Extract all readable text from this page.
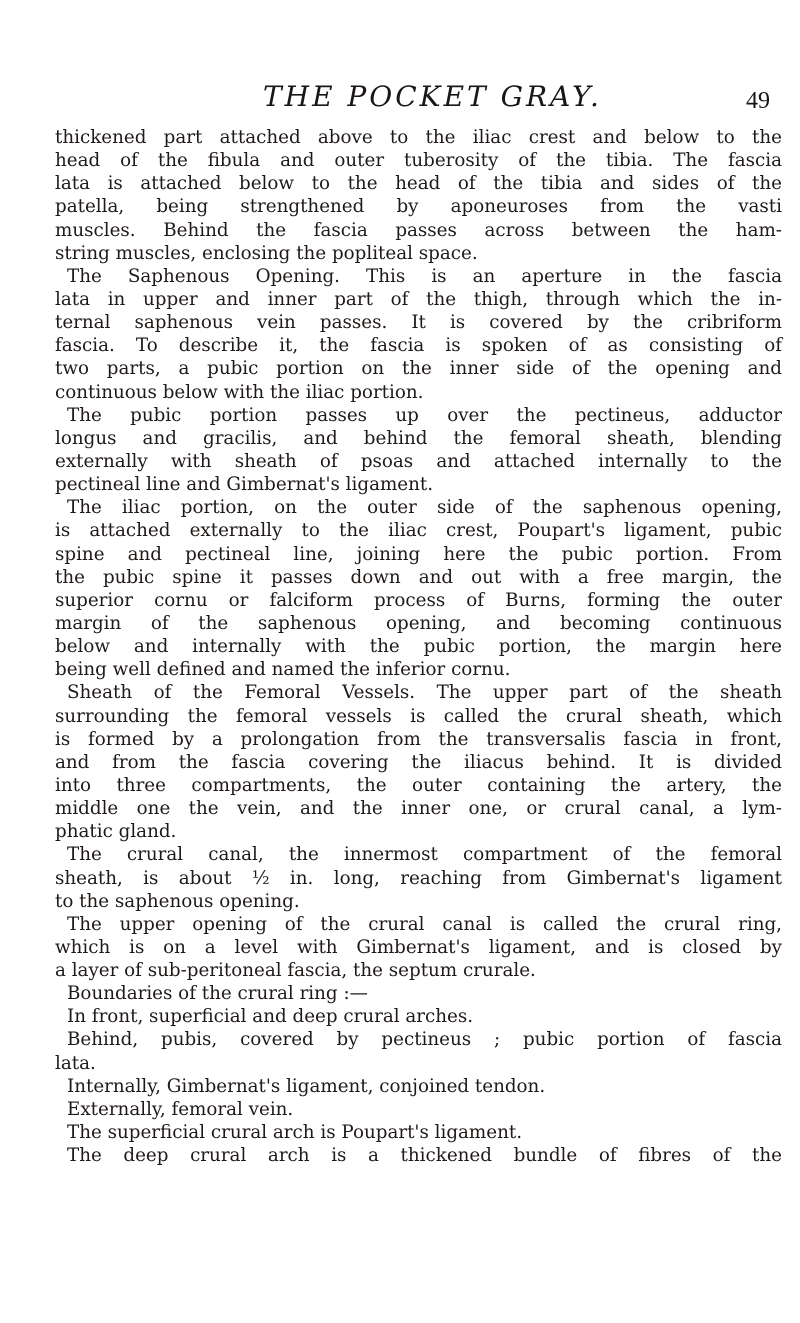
THE POCKET GRAY.	49
thickened part attached above to the iliac crest and below to the
head of the fibula and outer tuberosity of the tibia. The fascia
lata is attached below to the head of the tibia and sides of the
patella, being strengthened by aponeuroses from the vasti
muscles. Behind the fascia passes across between the ham-
string muscles, enclosing the popliteal space.
The Saphenous Opening. This is an aperture in the fascia
lata in upper and inner part of the thigh, through which the in-
ternal saphenous vein passes. It is covered by the cribriform
fascia. To describe it, the fascia is spoken of as consisting of
two parts, a pubic portion on the inner side of the opening and
continuous below with the iliac portion.
The pubic portion passes up over the pectineus, adductor
longus and gracilis, and behind the femoral sheath, blending
externally with sheath of psoas and attached internally to the
pectineal line and Gimbernat's ligament.
The iliac portion, on the outer side of the saphenous opening,
is attached externally to the iliac crest, Poupart's ligament, pubic
spine and pectineal line, joining here the pubic portion. From
the pubic spine it passes down and out with a free margin, the
superior cornu or falciform process of Burns, forming the outer
margin of the saphenous opening, and becoming continuous
below and internally with the pubic portion, the margin here
being well defined and named the inferior cornu.
Sheath of the Femoral Vessels. The upper part of the sheath
surrounding the femoral vessels is called the crural sheath, which
is formed by a prolongation from the transversalis fascia in front,
and from the fascia covering the iliacus behind. It is divided
into three compartments, the outer containing the artery, the
middle one the vein, and the inner one, or crural canal, a lym-
phatic gland.
The crural canal, the innermost compartment of the femoral
sheath, is about ½ in. long, reaching from Gimbernat's ligament
to the saphenous opening.
The upper opening of the crural canal is called the crural ring,
which is on a level with Gimbernat's ligament, and is closed by
a layer of sub-peritoneal fascia, the septum crurale.
Boundaries of the crural ring :—
In front, superficial and deep crural arches.
Behind, pubis, covered by pectineus ; pubic portion of fascia
lata.
Internally, Gimbernat's ligament, conjoined tendon.
Externally, femoral vein.
The superficial crural arch is Poupart's ligament.
The deep crural arch is a thickened bundle of fibres of the
